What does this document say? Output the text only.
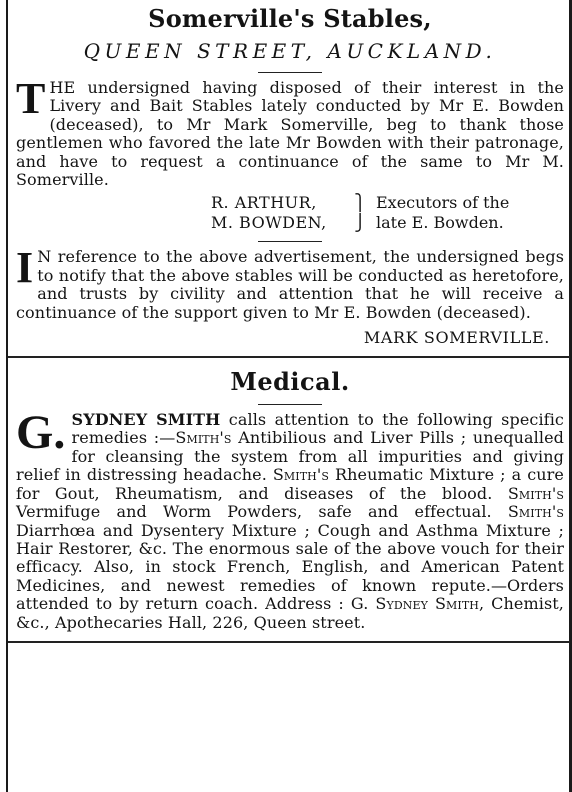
Somerville's Stables,
QUEEN STREET, AUCKLAND.

THE undersigned having disposed of their interest in the Livery and Bait Stables lately conducted by Mr E. Bowden (deceased), to Mr Mark Somerville, beg to thank those gentlemen who favored the late Mr Bowden with their patronage, and have to request a continuance of the same to Mr M. Somerville.

R. ARTHUR,	⎫ Executors of the
M. BOWDEN,	⎭ late E. Bowden.

I N reference to the above advertisement, the undersigned begs to notify that the above stables will be conducted as heretofore, and trusts by civility and attention that he will receive a continuance of the support given to Mr E. Bowden (deceased).

MARK SOMERVILLE.
Medical.

G. SYDNEY SMITH calls attention to the following specific remedies :—Smith's Antibilious and Liver Pills ; unequalled for cleansing the system from all impurities and giving relief in distressing headache. Smith's Rheumatic Mixture ; a cure for Gout, Rheumatism, and diseases of the blood. Smith's Vermifuge and Worm Powders, safe and effectual. Smith's Diarrhœa and Dysentery Mixture ; Cough and Asthma Mixture ; Hair Restorer, &c. The enormous sale of the above vouch for their efficacy. Also, in stock French, English, and American Patent Medicines, and newest remedies of known repute.—Orders attended to by return coach. Address : G. Sydney Smith, Chemist, &c., Apothecaries Hall, 226, Queen street.
